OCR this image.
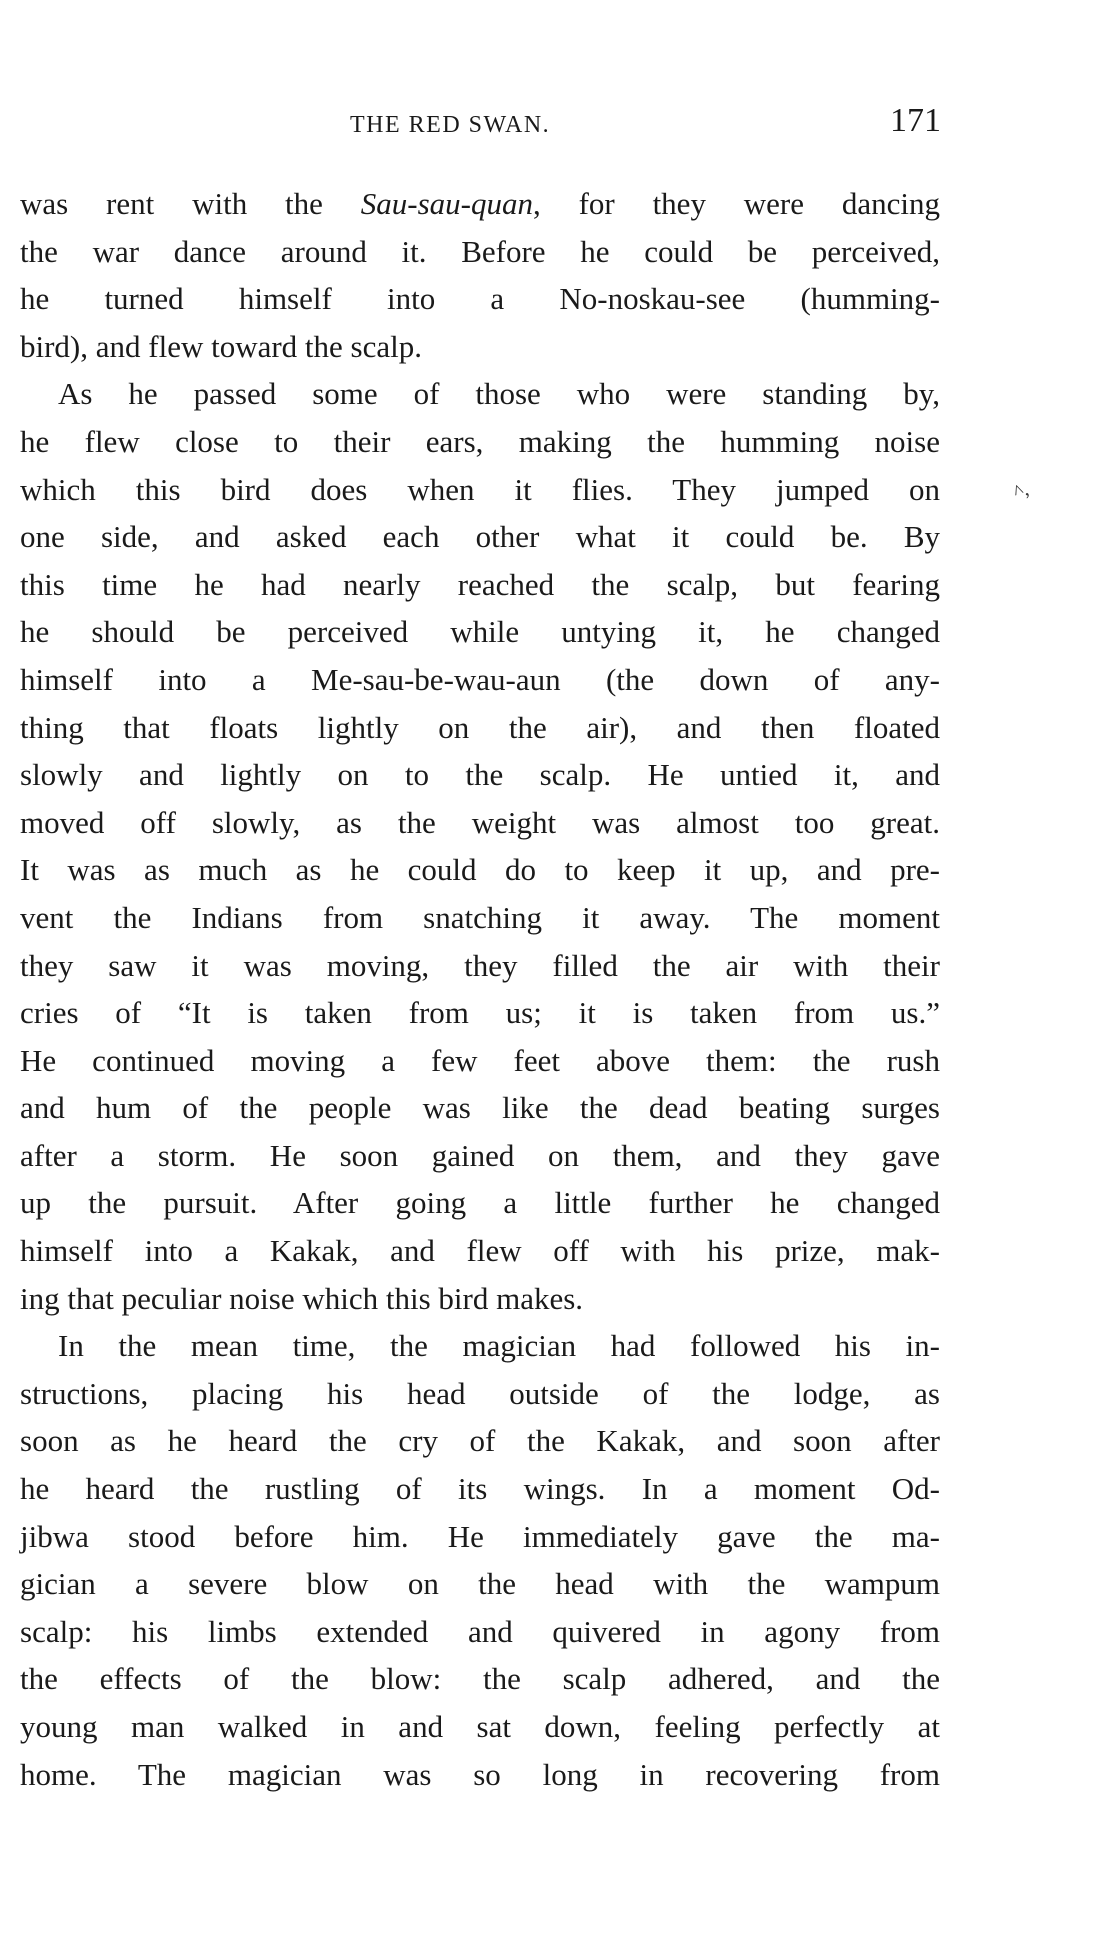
THE RED SWAN.	171
^,
was rent with the Sau-sau-quan, for they were dancing
the war dance around it. Before he could be perceived,
he turned himself into a No-noskau-see (humming-
bird), and flew toward the scalp.
As he passed some of those who were standing by,
he flew close to their ears, making the humming noise
which this bird does when it flies. They jumped on
one side, and asked each other what it could be. By
this time he had nearly reached the scalp, but fearing
he should be perceived while untying it, he changed
himself into a Me-sau-be-wau-aun (the down of any-
thing that floats lightly on the air), and then floated
slowly and lightly on to the scalp. He untied it, and
moved off slowly, as the weight was almost too great.
It was as much as he could do to keep it up, and pre-
vent the Indians from snatching it away. The moment
they saw it was moving, they filled the air with their
cries of “It is taken from us; it is taken from us.”
He continued moving a few feet above them: the rush
and hum of the people was like the dead beating surges
after a storm. He soon gained on them, and they gave
up the pursuit. After going a little further he changed
himself into a Kakak, and flew off with his prize, mak-
ing that peculiar noise which this bird makes.
In the mean time, the magician had followed his in-
structions, placing his head outside of the lodge, as
soon as he heard the cry of the Kakak, and soon after
he heard the rustling of its wings. In a moment Od-
jibwa stood before him. He immediately gave the ma-
gician a severe blow on the head with the wampum
scalp: his limbs extended and quivered in agony from
the effects of the blow: the scalp adhered, and the
young man walked in and sat down, feeling perfectly at
home. The magician was so long in recovering from
